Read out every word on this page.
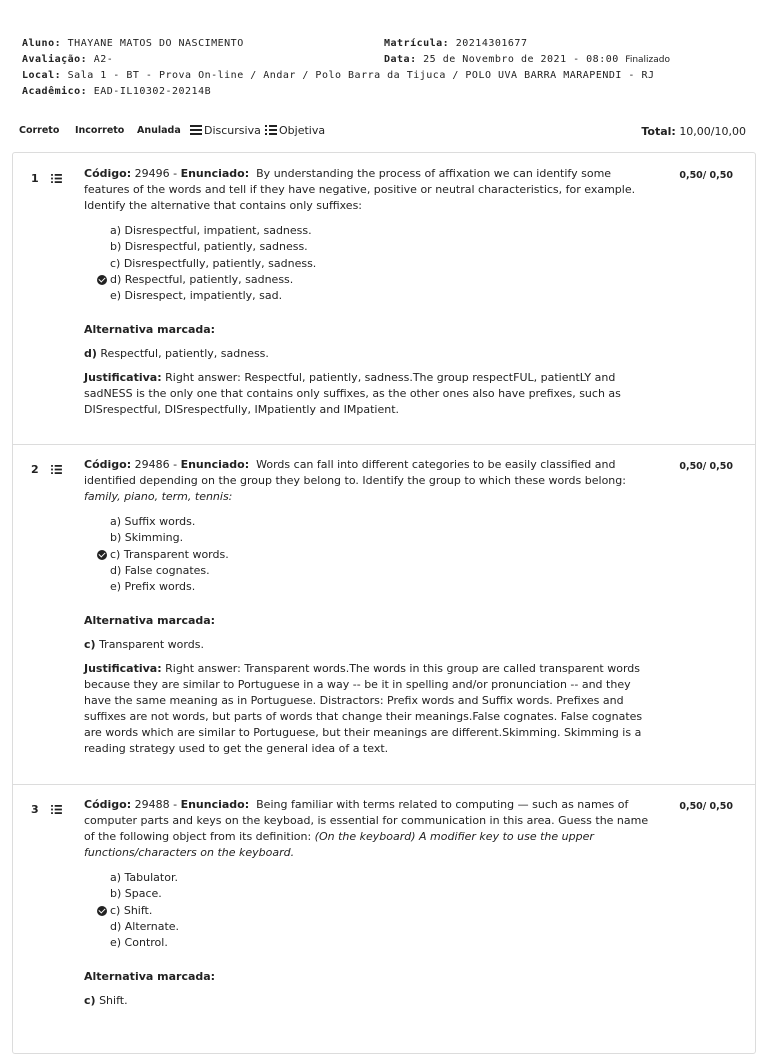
Aluno: THAYANE MATOS DO NASCIMENTO	Matrícula: 20214301677
Avaliação: A2-	Data: 25 de Novembro de 2021 - 08:00 Finalizado
Local: Sala 1 - BT - Prova On-line / Andar / Polo Barra da Tijuca / POLO UVA BARRA MARAPENDI - RJ
Acadêmico: EAD-IL10302-20214B
Correto Incorreto Anulada	Discursiva	Objetiva	Total: 10,00/10,00
1	0,50/ 0,50
Código: 29496 - Enunciado: By understanding the process of affixation we can identify some features of the words and tell if they have negative, positive or neutral characteristics, for example. Identify the alternative that contains only suffixes:
a) Disrespectful, impatient, sadness.
b) Disrespectful, patiently, sadness.
c) Disrespectfully, patiently, sadness.
d) Respectful, patiently, sadness.
e) Disrespect, impatiently, sad.
Alternativa marcada:
d) Respectful, patiently, sadness.
Justificativa: Right answer: Respectful, patiently, sadness.The group respectFUL, patientLY and sadNESS is the only one that contains only suffixes, as the other ones also have prefixes, such as DISrespectful, DISrespectfully, IMpatiently and IMpatient.
2	0,50/ 0,50
Código: 29486 - Enunciado: Words can fall into different categories to be easily classified and identified depending on the group they belong to. Identify the group to which these words belong: family, piano, term, tennis:
a) Suffix words.
b) Skimming.
c) Transparent words.
d) False cognates.
e) Prefix words.
Alternativa marcada:
c) Transparent words.
Justificativa: Right answer: Transparent words.The words in this group are called transparent words because they are similar to Portuguese in a way -- be it in spelling and/or pronunciation -- and they have the same meaning as in Portuguese. Distractors: Prefix words and Suffix words. Prefixes and suffixes are not words, but parts of words that change their meanings.False cognates. False cognates are words which are similar to Portuguese, but their meanings are different.Skimming. Skimming is a reading strategy used to get the general idea of a text.
3	0,50/ 0,50
Código: 29488 - Enunciado: Being familiar with terms related to computing — such as names of computer parts and keys on the keyboad, is essential for communication in this area. Guess the name of the following object from its definition: (On the keyboard) A modifier key to use the upper functions/characters on the keyboard.
a) Tabulator.
b) Space.
c) Shift.
d) Alternate.
e) Control.
Alternativa marcada:
c) Shift.
